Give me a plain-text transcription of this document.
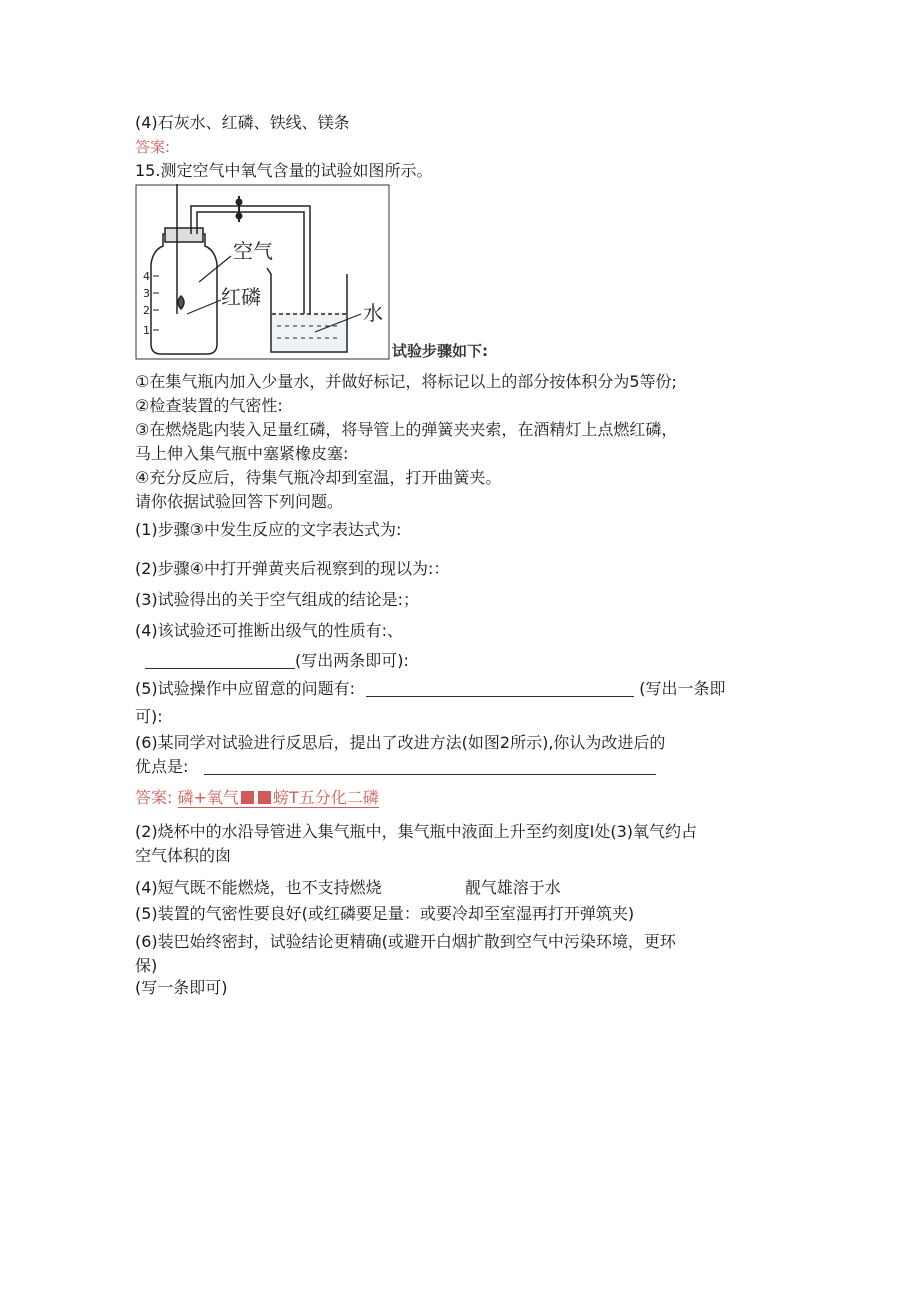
(4)石灰水、红磷、铁线、镁条
答案:
15.测定空气中氧气含量的试验如图所示。
4
3
2
1
空气
红磷
水
试验步骤如下:
①在集气瓶内加入少量水，并做好标记，将标记以上的部分按体积分为5等份;
②检查装置的气密性:
③在燃烧匙内装入足量红磷，将导管上的弹簧夹夹索，在酒精灯上点燃红磷，
马上伸入集气瓶中塞紧橡皮塞:
④充分反应后，待集气瓶冷却到室温，打开曲簧夹。
请你依据试验回答下列问题。
(1)步骤③中发生反应的文字表达式为:
(2)步骤④中打开弹黄夹后视察到的现以为:：
(3)试验得出的关于空气组成的结论是:；
(4)该试验还可推断出级气的性质有:、
(写出两条即可):
(5)试验操作中应留意的问题有:	(写出一条即
可):
(6)某同学对试验进行反思后，提出了改进方法(如图2所示),你认为改进后的
优点是:
答案: 磷+氧气 螃T五分化二磷
(2)烧杯中的水沿导管进入集气瓶中，集气瓶中液面上升至约刻度I处(3)氧气约占
空气体积的囱
(4)短气既不能燃烧，也不支持燃烧	靓气雄溶于水
(5)装置的气密性要良好(或红磷要足量：或要冷却至室湿再打开弹筑夹)
(6)装巴始终密封，试验结论更精确(或避开白烟扩散到空气中污染环境，更环
保)
(写一条即可)
